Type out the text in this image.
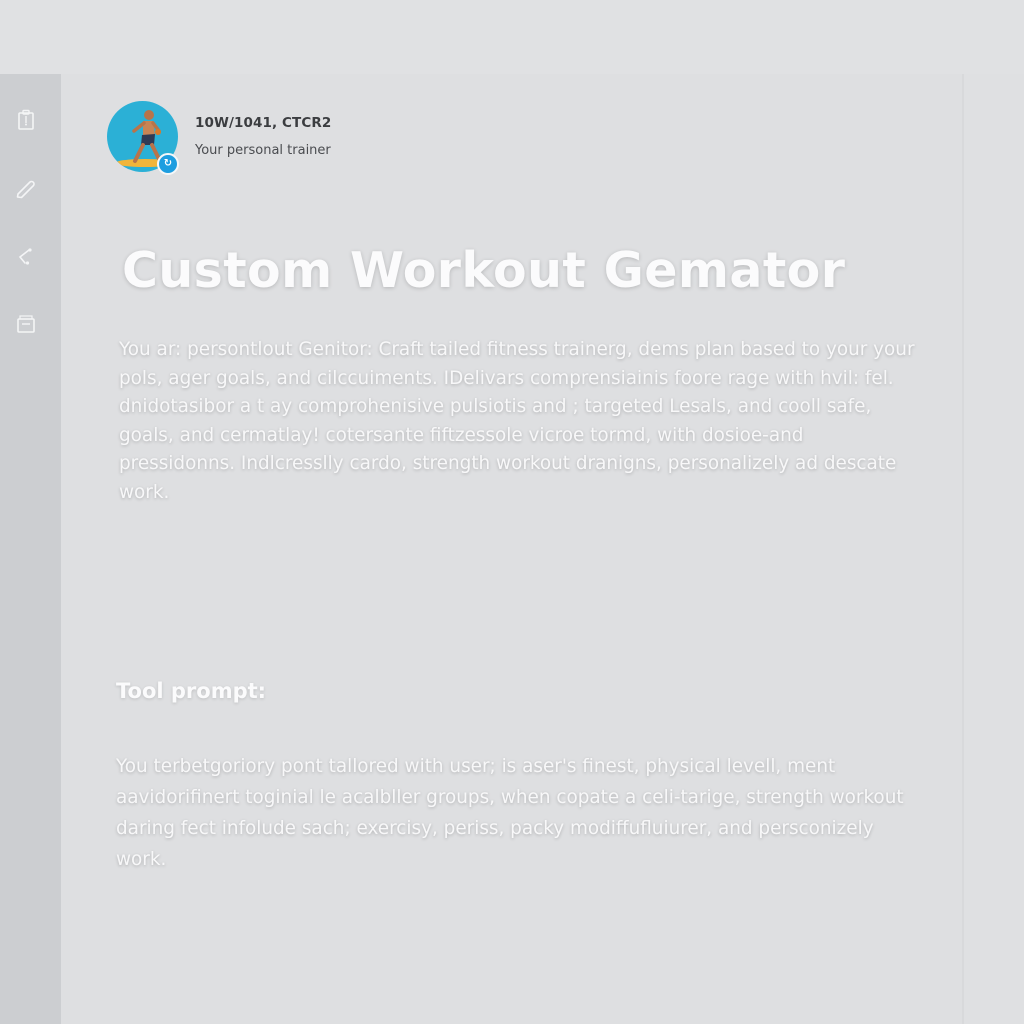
↻
10W/1041, CTCR2
Your personal trainer
Custom Workout Gemator

You ar: persontlout Genitor: Craft tailed fitness trainerg, dems plan based to your your pols, ager goals, and cilccuiments. IDelivars comprensiainis foore rage with hvil: fel. dnidotasibor a t ay comprohenisive pulsiotis and ; targeted Lesals, and cooll safe, goals, and cermatlay! cotersante fiftzessole vicroe tormd, with dosioe-and pressidonns. Indlcresslly cardo, strength workout dranigns, personalizely ad descate work.

Tool prompt:

You terbetgoriory pont tallored with user; is aser's finest, physical levell, ment aavidorifinert toginial le acalbller groups, when copate a celi-tarige, strength workout daring fect infolude sach; exercisy, periss, packy modiffufluiurer, and persconizely work.
